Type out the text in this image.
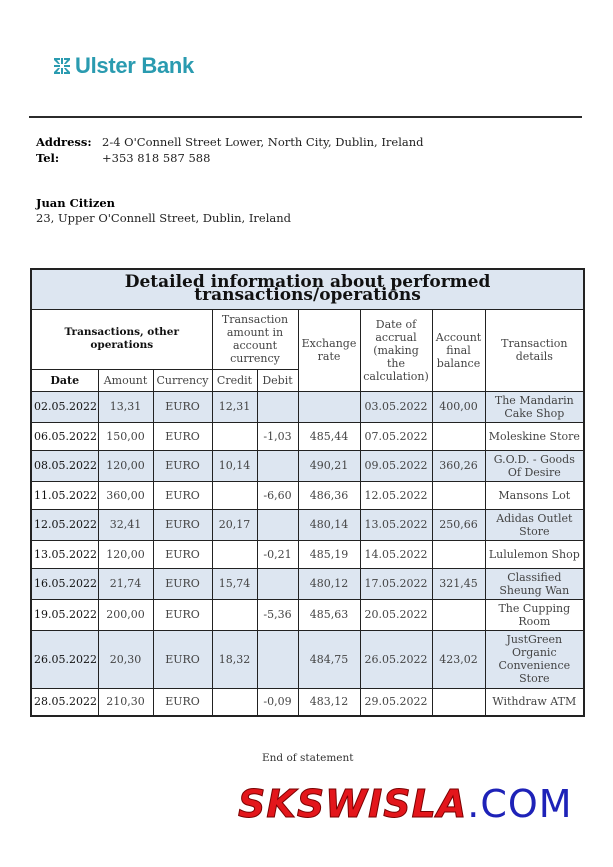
Ulster Bank
Address: 2-4 O'Connell Street Lower, North City, Dublin, Ireland
Tel:	+353 818 587 588
Juan Citizen
23, Upper O'Connell Street, Dublin, Ireland
Detailed information about performed transactions/operations								
Transactions, other operations			Transaction amount in account currency		Exchange rate	Date of accrual (making the calculation)	Account final balance	Transaction details
Date	Amount	Currency	Credit	Debit				
02.05.2022	13,31	EURO	12,31			03.05.2022	400,00	The Mandarin Cake Shop
06.05.2022	150,00	EURO		-1,03	485,44	07.05.2022		Moleskine Store
08.05.2022	120,00	EURO	10,14		490,21	09.05.2022	360,26	G.O.D. - Goods Of Desire
11.05.2022	360,00	EURO		-6,60	486,36	12.05.2022		Mansons Lot
12.05.2022	32,41	EURO	20,17		480,14	13.05.2022	250,66	Adidas Outlet Store
13.05.2022	120,00	EURO		-0,21	485,19	14.05.2022		Lululemon Shop
16.05.2022	21,74	EURO	15,74		480,12	17.05.2022	321,45	Classified Sheung Wan
19.05.2022	200,00	EURO		-5,36	485,63	20.05.2022		The Cupping Room
26.05.2022	20,30	EURO	18,32		484,75	26.05.2022	423,02	JustGreen Organic Convenience Store
28.05.2022	210,30	EURO		-0,09	483,12	29.05.2022		Withdraw ATM
End of statement
SKSWISLA.COM
